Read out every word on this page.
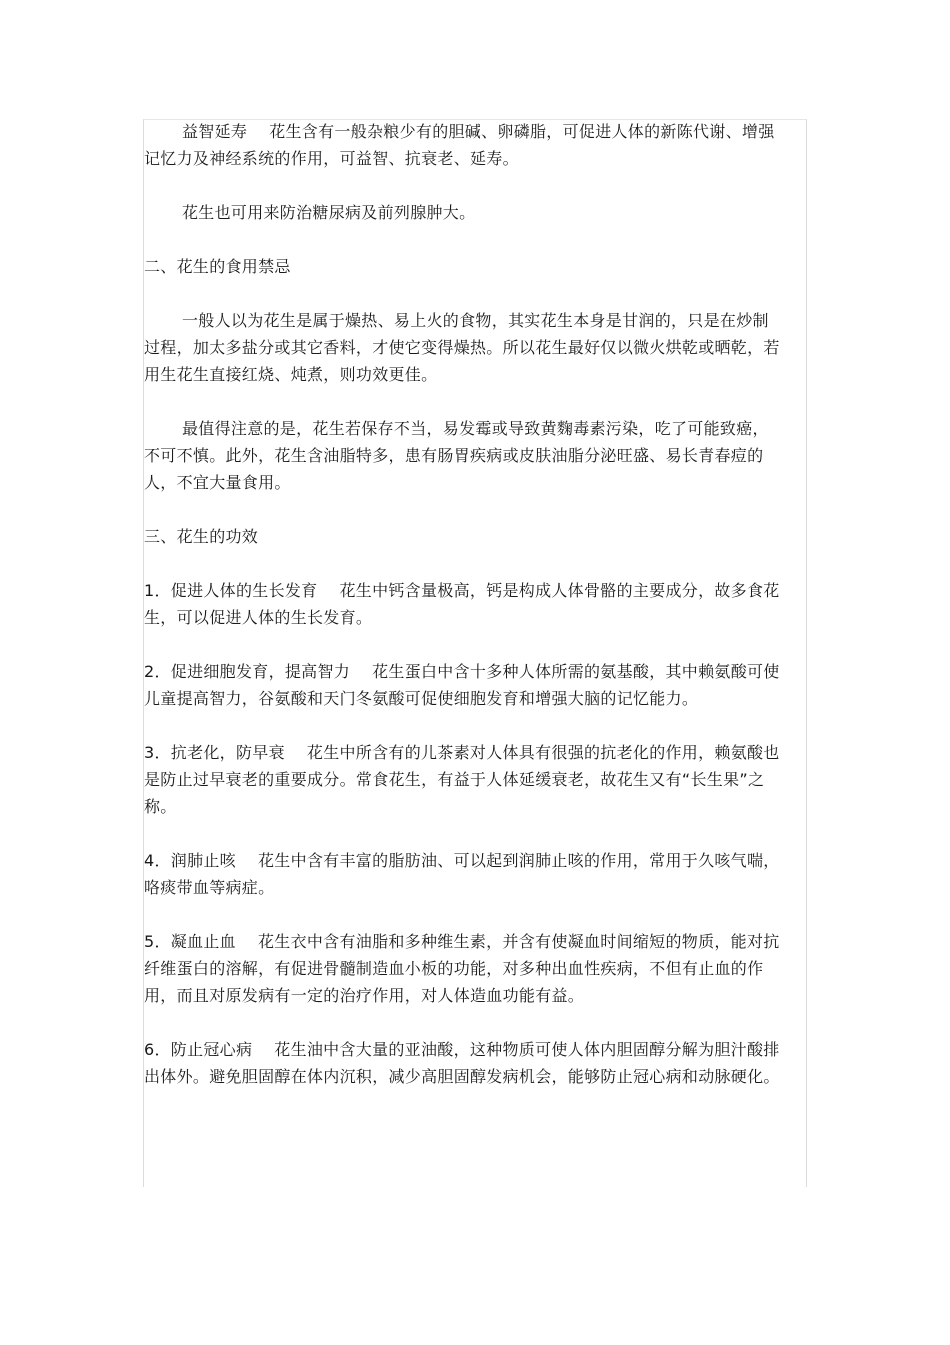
益智延寿 花生含有一般杂粮少有的胆碱、卵磷脂，可促进人体的新陈代谢、增强记忆力及神经系统的作用，可益智、抗衰老、延寿。

花生也可用来防治糖尿病及前列腺肿大。

二、花生的食用禁忌

一般人以为花生是属于燥热、易上火的食物，其实花生本身是甘润的，只是在炒制过程，加太多盐分或其它香料，才使它变得燥热。所以花生最好仅以微火烘乾或晒乾，若用生花生直接红烧、炖煮，则功效更佳。

最值得注意的是，花生若保存不当，易发霉或导致黄麴毒素污染，吃了可能致癌，不可不慎。此外，花生含油脂特多，患有肠胃疾病或皮肤油脂分泌旺盛、易长青春痘的人，不宜大量食用。

三、花生的功效

1．促进人体的生长发育 花生中钙含量极高，钙是构成人体骨骼的主要成分，故多食花生，可以促进人体的生长发育。

2．促进细胞发育，提高智力 花生蛋白中含十多种人体所需的氨基酸，其中赖氨酸可使儿童提高智力，谷氨酸和天门冬氨酸可促使细胞发育和增强大脑的记忆能力。

3．抗老化，防早衰 花生中所含有的儿茶素对人体具有很强的抗老化的作用，赖氨酸也是防止过早衰老的重要成分。常食花生，有益于人体延缓衰老，故花生又有“长生果”之称。

4．润肺止咳 花生中含有丰富的脂肪油、可以起到润肺止咳的作用，常用于久咳气喘，咯痰带血等病症。

5．凝血止血 花生衣中含有油脂和多种维生素，并含有使凝血时间缩短的物质，能对抗纤维蛋白的溶解，有促进骨髓制造血小板的功能，对多种出血性疾病，不但有止血的作用，而且对原发病有一定的治疗作用，对人体造血功能有益。

6．防止冠心病 花生油中含大量的亚油酸，这种物质可使人体内胆固醇分解为胆汁酸排出体外。避免胆固醇在体内沉积，减少高胆固醇发病机会，能够防止冠心病和动脉硬化。
